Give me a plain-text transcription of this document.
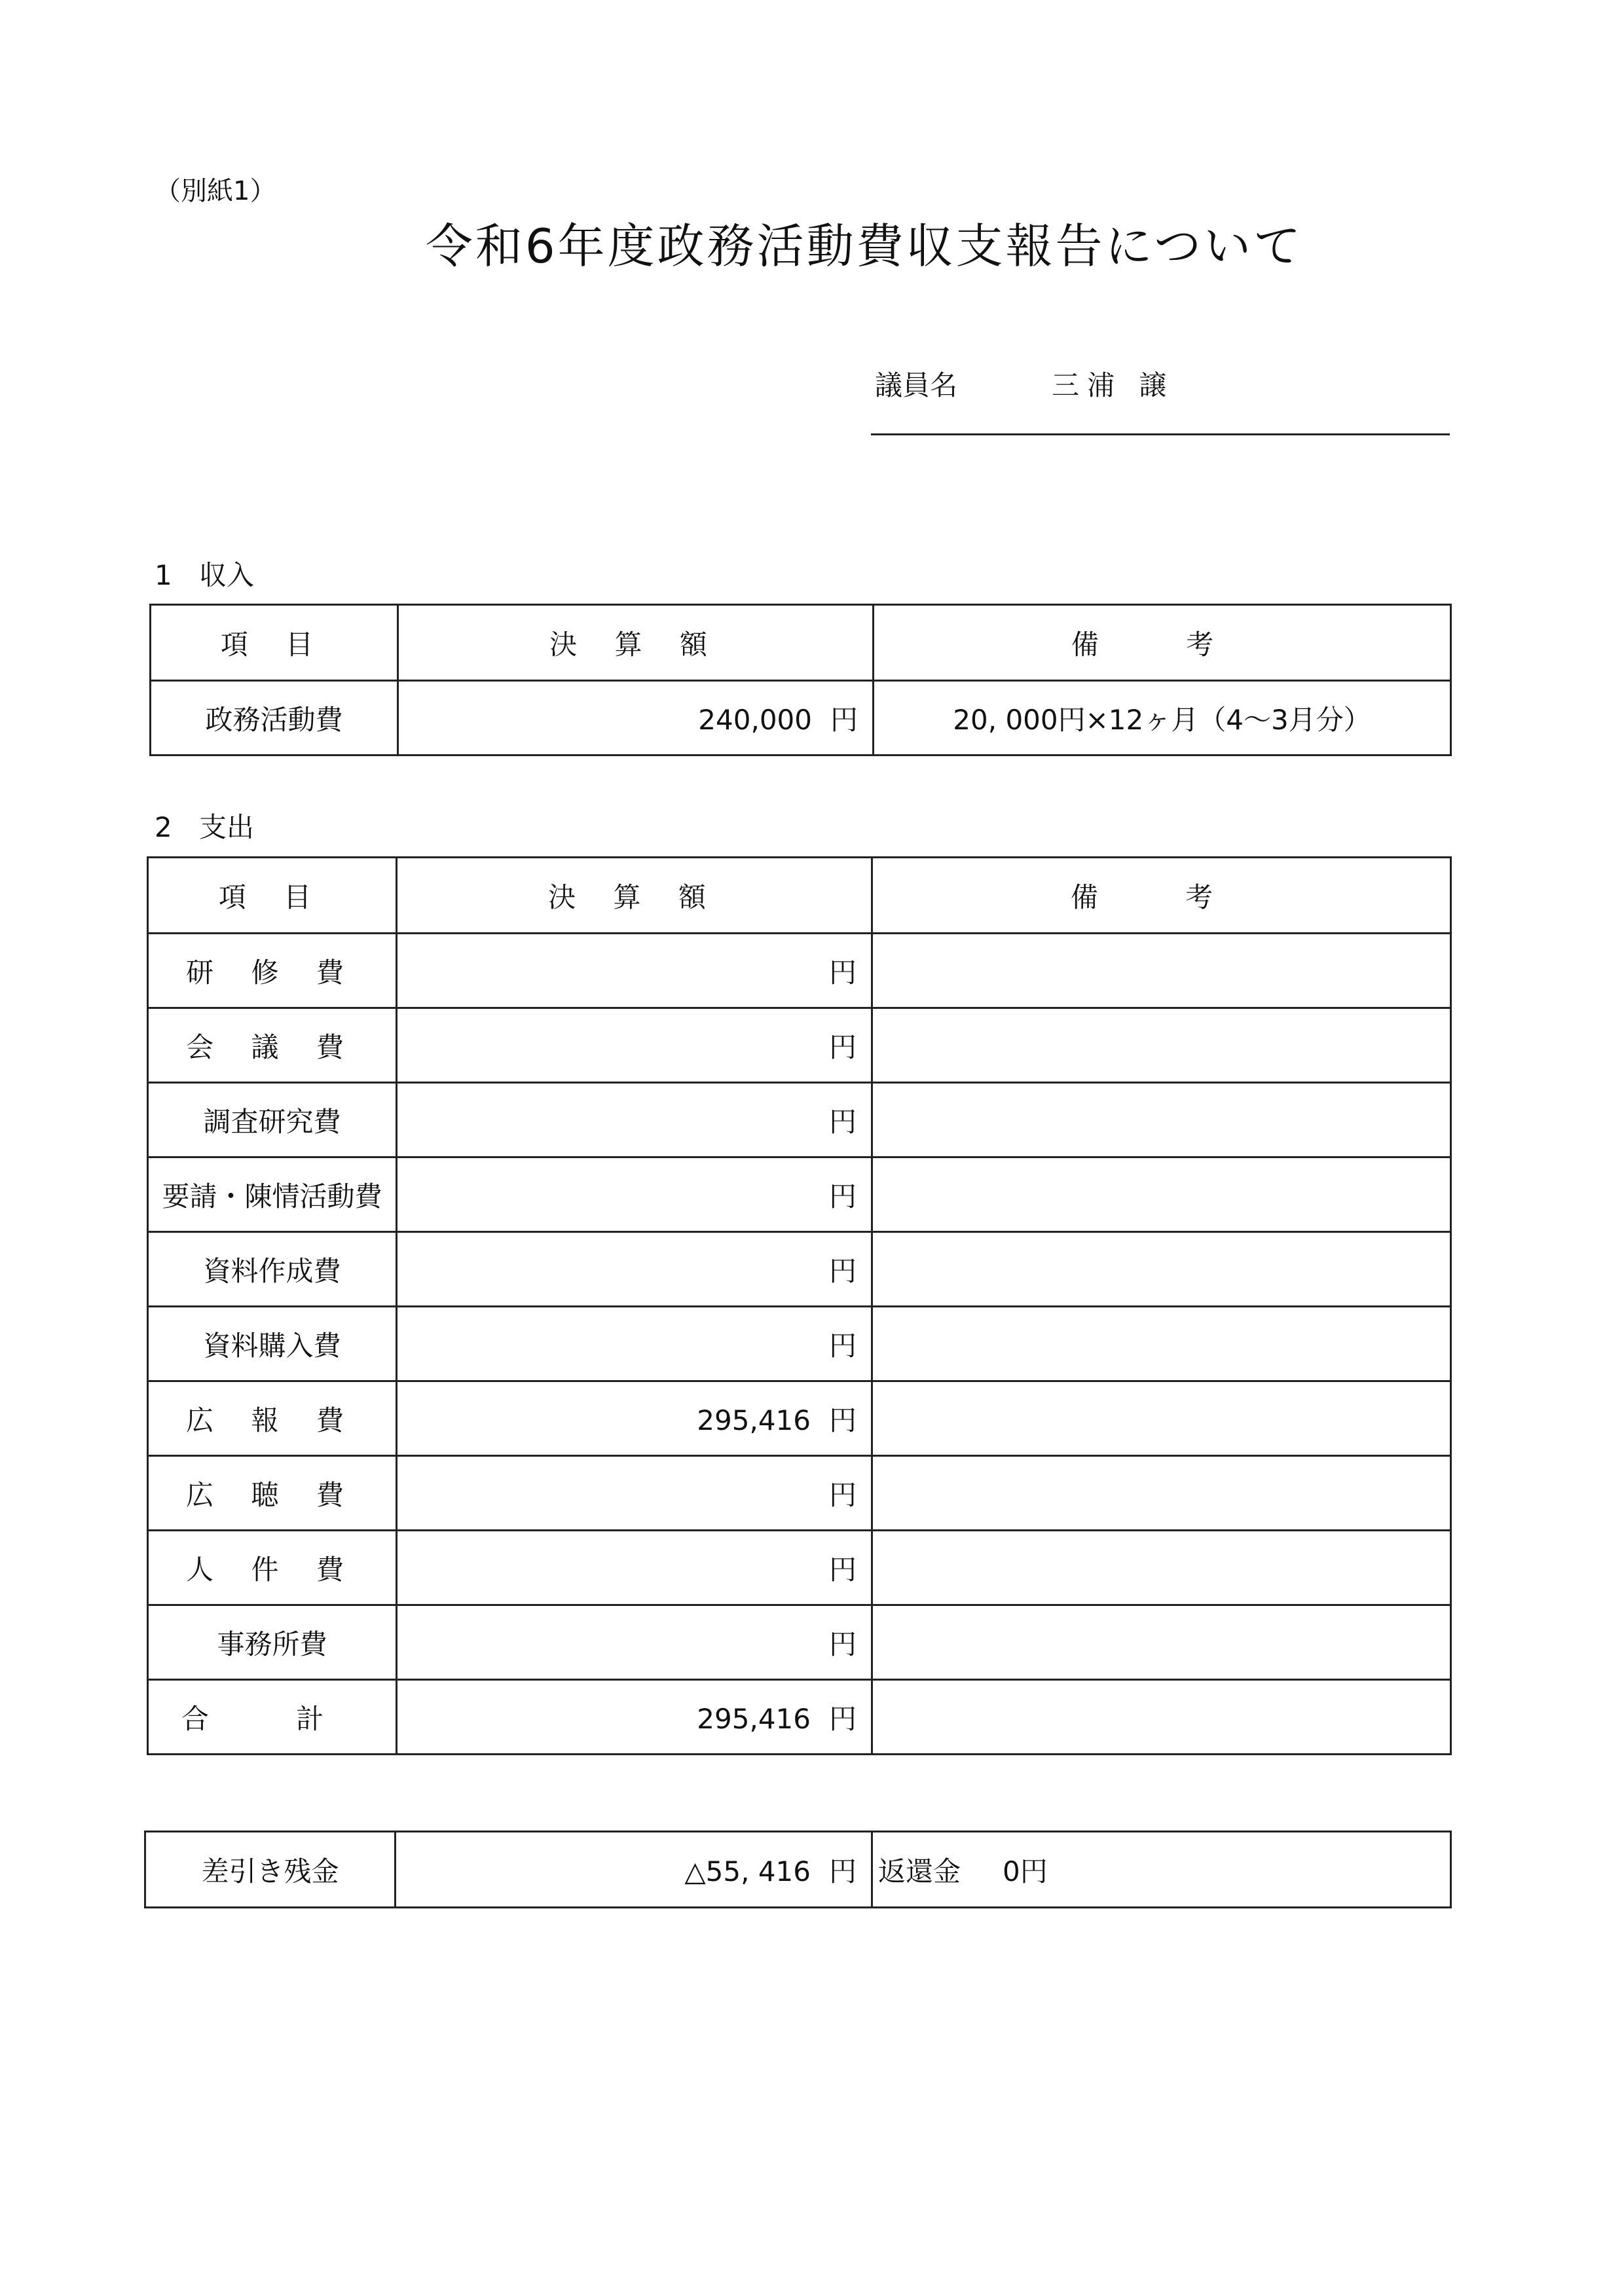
（別紙1）
令和6年度政務活動費収支報告について
議員名	三浦 譲
1 収入
項 目	決 算 額	備 考
政務活動費	240,000 円	20, 000円×12ヶ月（4～3月分）
2 支出
項 目	決 算 額	備 考
研 修 費	円	
会 議 費	円	
調査研究費	円	
要請・陳情活動費	円	
資料作成費	円	
資料購入費	円	
広 報 費	295,416 円	
広 聴 費	円	
人 件 費	円	
事務所費	円	
合 計	295,416 円	
差引き残金	△55, 416 円	返還金 0円
